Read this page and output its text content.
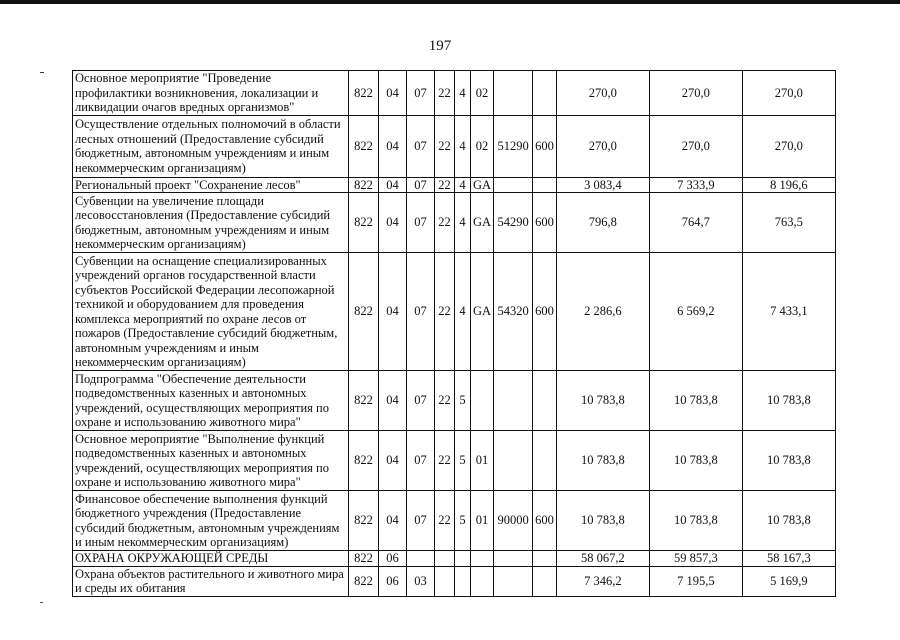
197
Основное мероприятие "Проведение профилактики возникновения, локализации и ликвидации очагов вредных организмов"	822	04	07	22	4	02			270,0	270,0	270,0
Осуществление отдельных полномочий в области лесных отношений (Предоставление субсидий бюджетным, автономным учреждениям и иным некоммерческим организациям)	822	04	07	22	4	02	51290	600	270,0	270,0	270,0
Региональный проект "Сохранение лесов"	822	04	07	22	4	GA			3 083,4	7 333,9	8 196,6
Субвенции на увеличение площади лесовосстановления (Предоставление субсидий бюджетным, автономным учреждениям и иным некоммерческим организациям)	822	04	07	22	4	GA	54290	600	796,8	764,7	763,5
Субвенции на оснащение специализированных учреждений органов государственной власти субъектов Российской Федерации лесопожарной техникой и оборудованием для проведения комплекса мероприятий по охране лесов от пожаров (Предоставление субсидий бюджетным, автономным учреждениям и иным некоммерческим организациям)	822	04	07	22	4	GA	54320	600	2 286,6	6 569,2	7 433,1
Подпрограмма "Обеспечение деятельности подведомственных казенных и автономных учреждений, осуществляющих мероприятия по охране и использованию животного мира"	822	04	07	22	5				10 783,8	10 783,8	10 783,8
Основное мероприятие "Выполнение функций подведомственных казенных и автономных учреждений, осуществляющих мероприятия по охране и использованию животного мира"	822	04	07	22	5	01			10 783,8	10 783,8	10 783,8
Финансовое обеспечение выполнения функций бюджетного учреждения (Предоставление субсидий бюджетным, автономным учреждениям и иным некоммерческим организациям)	822	04	07	22	5	01	90000	600	10 783,8	10 783,8	10 783,8
ОХРАНА ОКРУЖАЮЩЕЙ СРЕДЫ	822	06							58 067,2	59 857,3	58 167,3
Охрана объектов растительного и животного мира и среды их обитания	822	06	03						7 346,2	7 195,5	5 169,9
